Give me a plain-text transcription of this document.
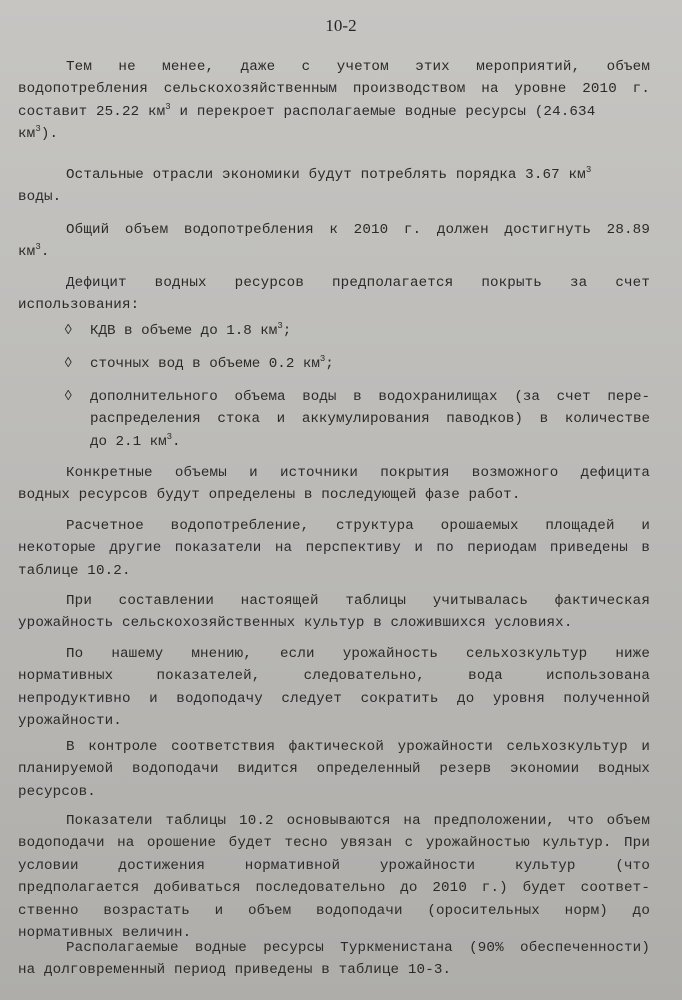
10-2
Тем не менее, даже с учетом этих мероприятий, объем
водопотребления сельскохозяйственным производством на уровне 2010 г.
составит 25.22 $км^3$ и перекроет располагаемые водные ресурсы (24.634
$км^3$).
Остальные отрасли экономики будут потреблять порядка 3.67 $км^3$
воды.
Общий объем водопотребления к 2010 г. должен достигнуть 28.89
$км^3$.
Дефицит водных ресурсов предполагается покрыть за счет
использования:
◊	КДВ в объеме до 1.8 $км^3$;
◊	сточных вод в объеме 0.2 $км^3$;
◊	дополнительного объема воды в водохранилищах (за счет пере-
распределения стока и аккумулирования паводков) в количестве
до 2.1 $км^3$.
Конкретные объемы и источники покрытия возможного дефицита
водных ресурсов будут определены в последующей фазе работ.
Расчетное водопотребление, структура орошаемых площадей и
некоторые другие показатели на перспективу и по периодам приведены в
таблице 10.2.
При составлении настоящей таблицы учитывалась фактическая
урожайность сельскохозяйственных культур в сложившихся условиях.
По нашему мнению, если урожайность сельхозкультур ниже
нормативных показателей, следовательно, вода использована
непродуктивно и водоподачу следует сократить до уровня полученной
урожайности.
В контроле соответствия фактической урожайности сельхозкультур и
планируемой водоподачи видится определенный резерв экономии водных
ресурсов.
Показатели таблицы 10.2 основываются на предположении, что объем
водоподачи на орошение будет тесно увязан с урожайностью культур. При
условии достижения нормативной урожайности культур (что
предполагается добиваться последовательно до 2010 г.) будет соответ-
ственно возрастать и объем водоподачи (оросительных норм) до
нормативных величин.
Располагаемые водные ресурсы Туркменистана (90% обеспеченности)
на долговременный период приведены в таблице 10-3.
